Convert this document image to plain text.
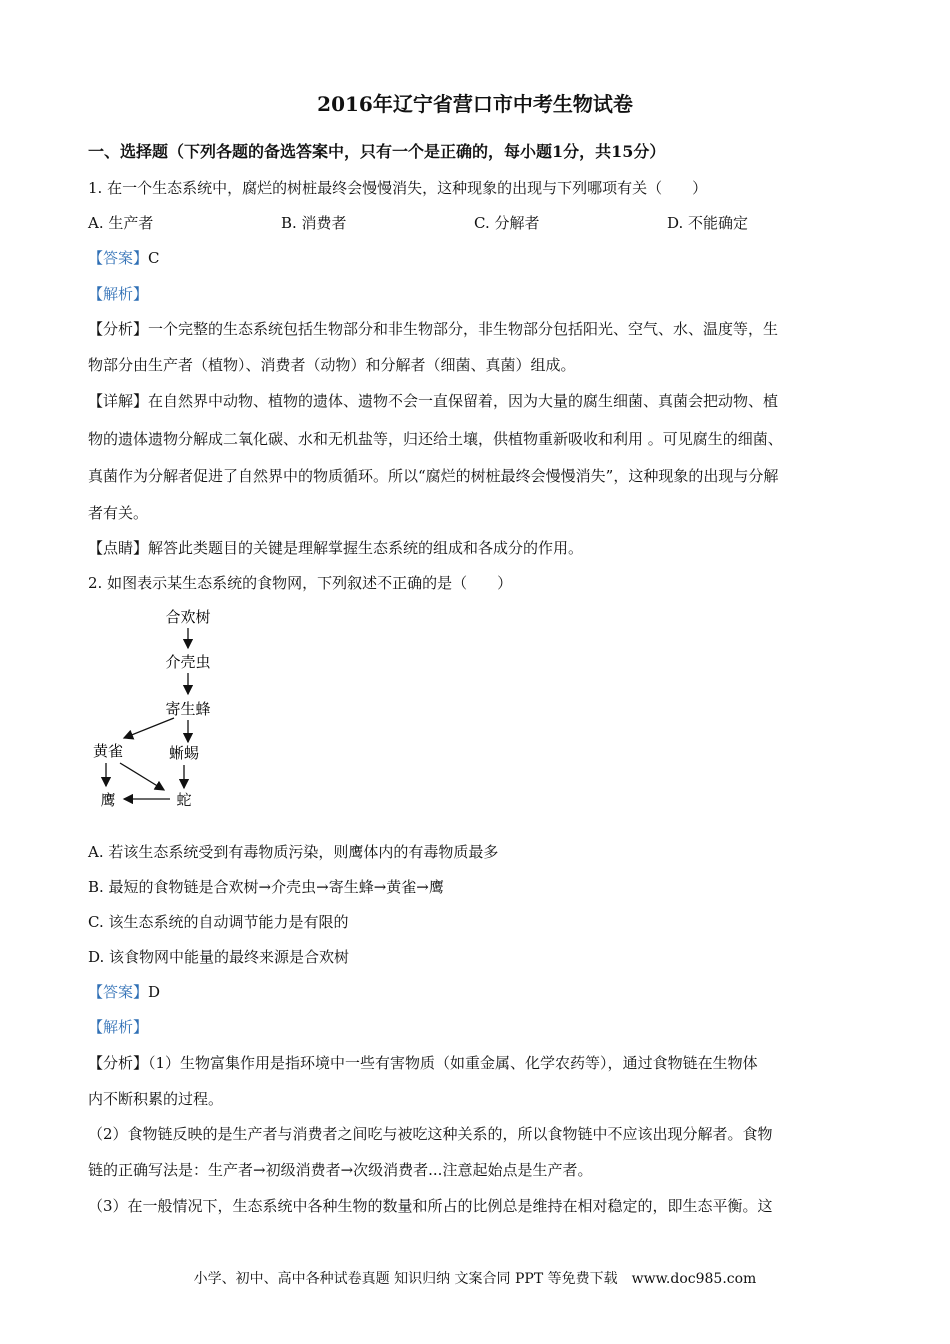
2016年辽宁省营口市中考生物试卷
一、选择题（下列各题的备选答案中，只有一个是正确的，每小题1分，共15分）
1. 在一个生态系统中，腐烂的树桩最终会慢慢消失，这种现象的出现与下列哪项有关（　　）
A. 生产者	B. 消费者	C. 分解者	D. 不能确定
【答案】C
【解析】
【分析】一个完整的生态系统包括生物部分和非生物部分，非生物部分包括阳光、空气、水、温度等，生
物部分由生产者（植物）、消费者（动物）和分解者（细菌、真菌）组成。
【详解】在自然界中动物、植物的遗体、遗物不会一直保留着，因为大量的腐生细菌、真菌会把动物、植
物的遗体遗物分解成二氧化碳、水和无机盐等，归还给土壤，供植物重新吸收和利用 。可见腐生的细菌、
真菌作为分解者促进了自然界中的物质循环。所以“腐烂的树桩最终会慢慢消失”，这种现象的出现与分解
者有关。
【点睛】解答此类题目的关键是理解掌握生态系统的组成和各成分的作用。
2. 如图表示某生态系统的食物网，下列叙述不正确的是（　　）
合欢树
介壳虫
寄生蜂
黄雀	蜥蜴
鹰	蛇
A. 若该生态系统受到有毒物质污染，则鹰体内的有毒物质最多
B. 最短的食物链是合欢树→介壳虫→寄生蜂→黄雀→鹰
C. 该生态系统的自动调节能力是有限的
D. 该食物网中能量的最终来源是合欢树
【答案】D
【解析】
【分析】（1）生物富集作用是指环境中一些有害物质（如重金属、化学农药等），通过食物链在生物体
内不断积累的过程。
（2）食物链反映的是生产者与消费者之间吃与被吃这种关系的，所以食物链中不应该出现分解者。食物
链的正确写法是：生产者→初级消费者→次级消费者...注意起始点是生产者。
（3）在一般情况下，生态系统中各种生物的数量和所占的比例总是维持在相对稳定的，即生态平衡。这
小学、初中、高中各种试卷真题 知识归纳 文案合同 PPT 等免费下载　www.doc985.com
